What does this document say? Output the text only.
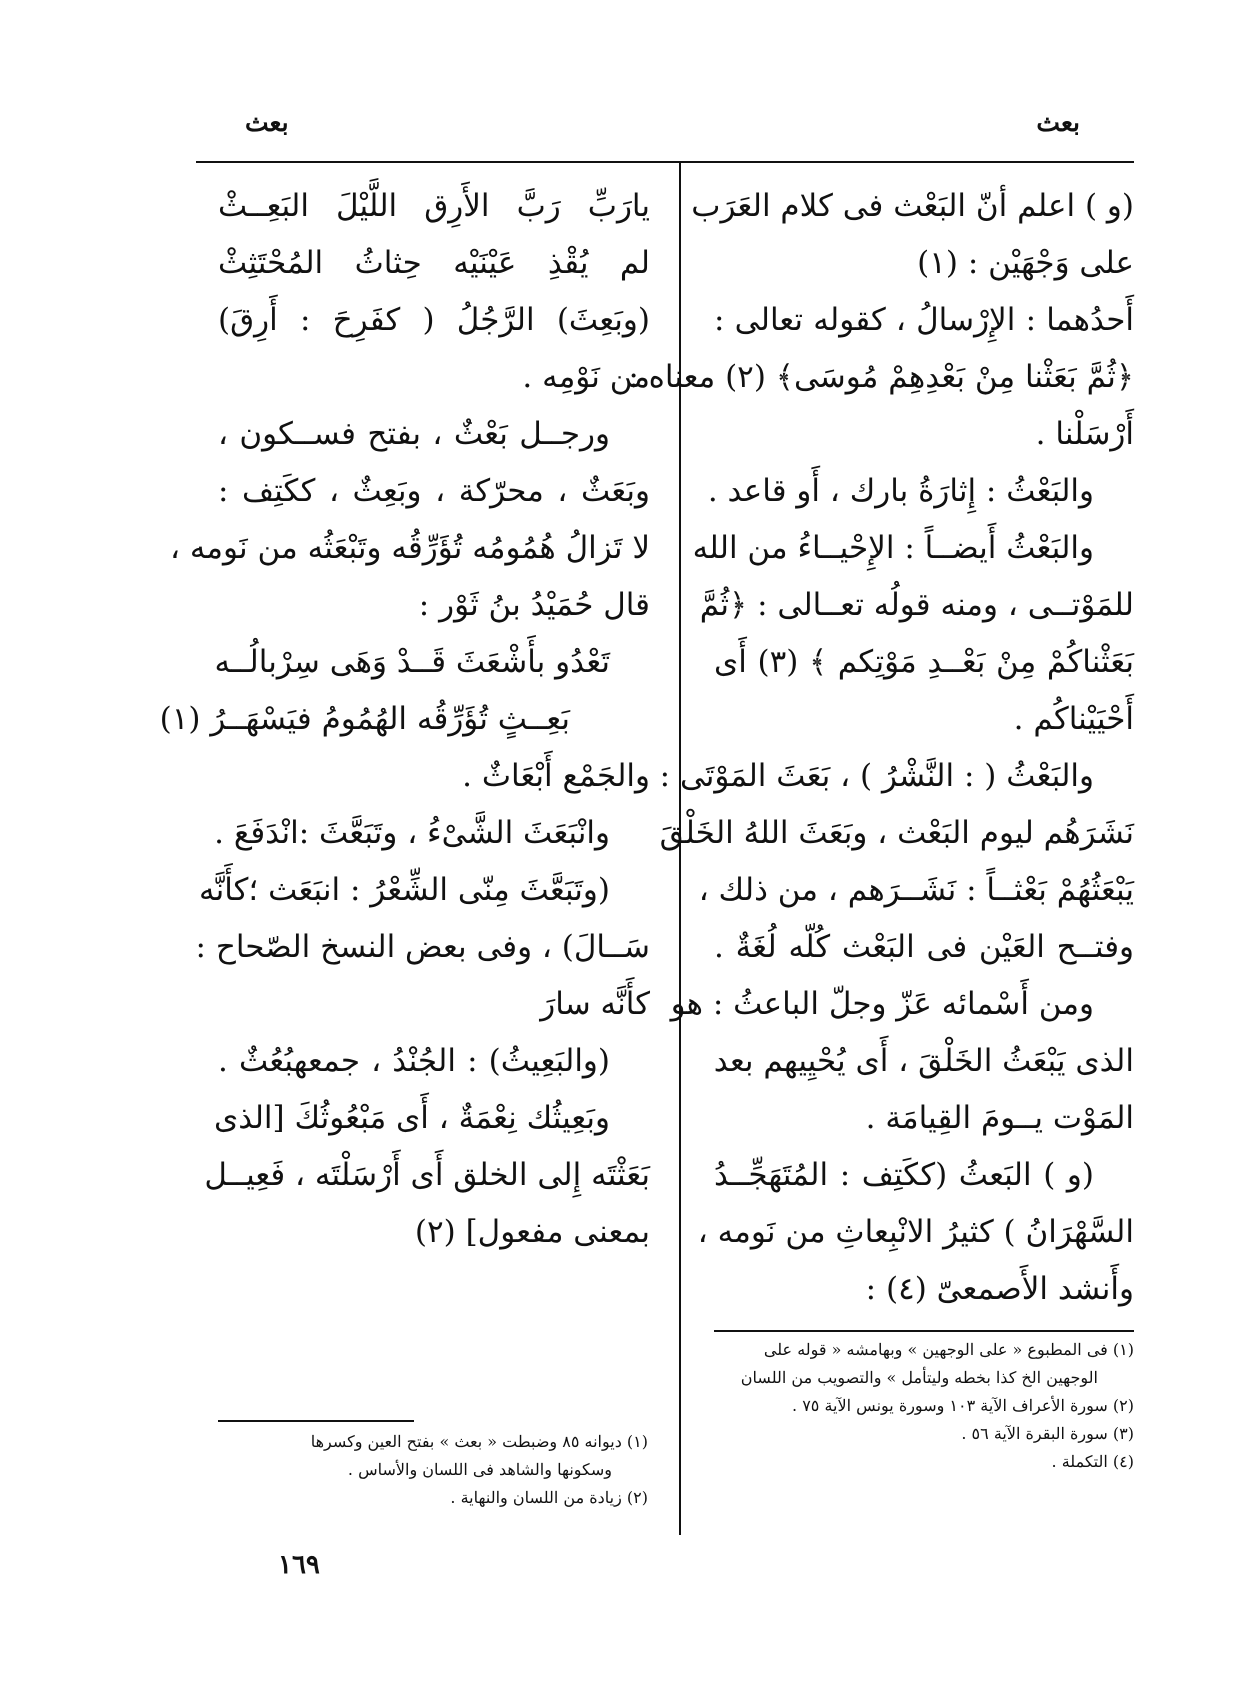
بعث
بعث
(و ) اعلم أنّ البَعْث فى كلام العَرَب
على وَجْهَيْن : (١)
أَحدُهما : الإِرْسالُ ، كقوله تعالى :
﴿ثُمَّ بَعَثْنا مِنْ بَعْدِهِمْ مُوسَى﴾ (٢) معناه :
أَرْسَلْنا .
والبَعْثُ : إِثارَةُ بارك ، أَو قاعد .
والبَعْثُ أَيضــاً : الإِحْيــاءُ من الله
للمَوْتــى ، ومنه قولُه تعــالى : ﴿ثُمَّ
بَعَثْناكُمْ مِنْ بَعْــدِ مَوْتِكم ﴾ (٣) أَى
أَحْيَيْناكُم .
والبَعْثُ ( : النَّشْرُ ) ، بَعَثَ المَوْتَى :
نَشَرَهُم ليوم البَعْث ، وبَعَثَ اللهُ الخَلْقَ
يَبْعَثُهُمْ بَعْثــاً : نَشَــرَهم ، من ذلك ،
وفتــح العَيْن فى البَعْث كُلّه لُغَةٌ .
ومن أَسْمائه عَزّ وجلّ الباعثُ : هو
الذى يَبْعَثُ الخَلْقَ ، أَى يُحْيِيهم بعد
المَوْت يــومَ القِيامَة .
(و ) البَعثُ (ككَتِف : المُتَهَجِّــدُ
السَّهْرَانُ ) كثيرُ الانْبِعاثِ من نَومه ،
وأَنشد الأَصمعىّ (٤) :
(١) فى المطبوع « على الوجهين » وبهامشه « قوله على
الوجهين الخ كذا بخطه وليتأمل » والتصويب من اللسان
(٢) سورة الأعراف الآية ١٠٣ وسورة يونس الآية ٧٥ .
(٣) سورة البقرة الآية ٥٦ .
(٤) التكملة .
يارَبِّ رَبَّ الأَرِق اللَّيْلَ البَعِــثْ
لم يُقْذِ عَيْنَيْه حِثاثُ المُحْتَثِثْ
(وبَعِثَ) الرَّجُلُ ( كفَرِحَ : أَرِقَ)
من نَوْمِه .
ورجــل بَعْثٌ ، بفتح فســكون ،
وبَعَثٌ ، محرّكة ، وبَعِثٌ ، ككَتِف :
لا تَزالُ هُمُومُه تُؤَرِّقُه وتَبْعَثُه من نَومه ،
قال حُمَيْدُ بنُ ثَوْر :
تَعْدُو بأَشْعَثَ قَــدْ وَهَى سِرْبالُــه
بَعِــثٍ تُؤَرِّقُه الهُمُومُ فيَسْهَــرُ (١)
والجَمْع أَبْعَاثٌ .
وانْبَعَثَ الشَّىْءُ ، وتَبَعَّثَ :انْدَفَعَ .
(وتَبَعَّثَ مِنّى الشِّعْرُ : انبَعَث ؛كأَنَّه
سَــالَ) ، وفى بعض النسخ الصّحاح :
كأَنَّه سارَ
(والبَعِيثُ) : الجُنْدُ ، جمعهبُعُثٌ .
وبَعِيثُك نِعْمَةٌ ، أَى مَبْعُوثُكَ [الذى
بَعَثْتَه إِلى الخلق أَى أَرْسَلْتَه ، فَعِيــل
بمعنى مفعول] (٢)
(١) ديوانه ٨٥ وضبطت « بعث » بفتح العين وكسرها
وسكونها والشاهد فى اللسان والأساس .
(٢) زيادة من اللسان والنهاية .
١٦٩
